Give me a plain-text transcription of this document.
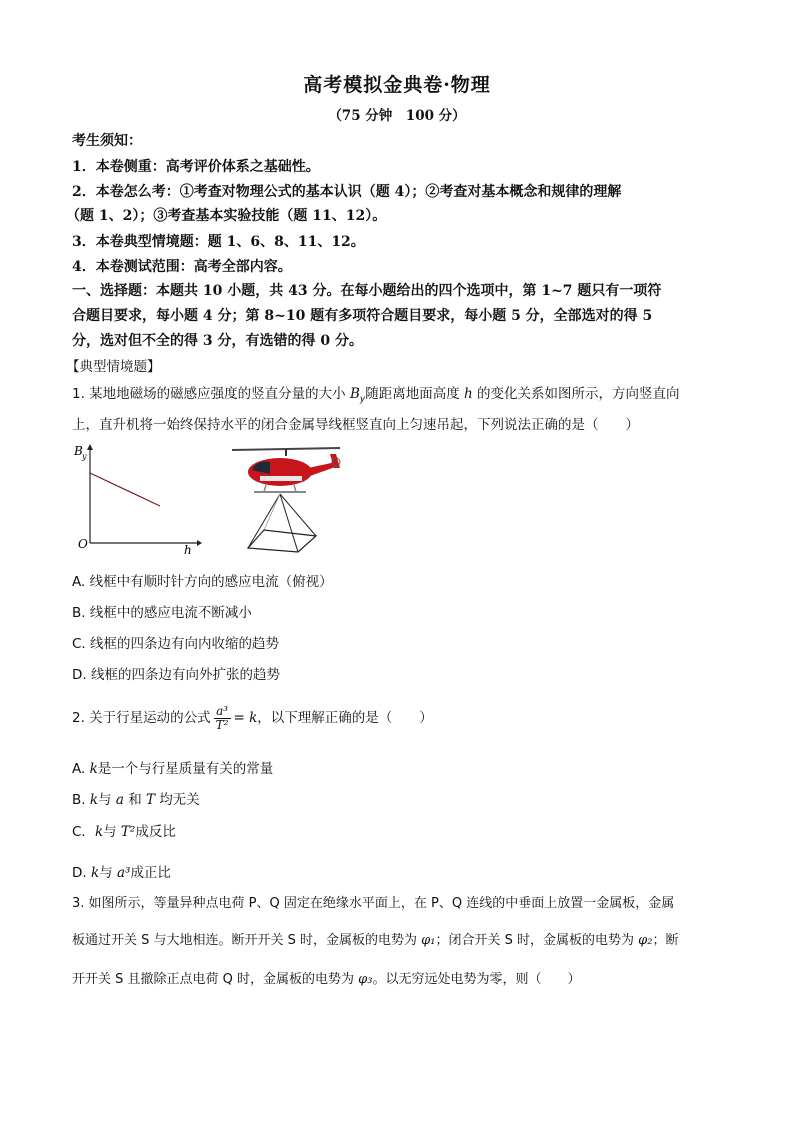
高考模拟金典卷·物理
（75 分钟　100 分）
考生须知：
1．本卷侧重：高考评价体系之基础性。
2．本卷怎么考：①考查对物理公式的基本认识（题 4）；②考查对基本概念和规律的理解
（题 1、2）；③考查基本实验技能（题 11、12）。
3．本卷典型情境题：题 1、6、8、11、12。
4．本卷测试范围：高考全部内容。
一、选择题：本题共 10 小题，共 43 分。在每小题给出的四个选项中，第 1~7 题只有一项符
合题目要求，每小题 4 分；第 8~10 题有多项符合题目要求，每小题 5 分，全部选对的得 5
分，选对但不全的得 3 分，有选错的得 0 分。
【典型情境题】
1. 某地地磁场的磁感应强度的竖直分量的大小 $B_y$随距离地面高度 h 的变化关系如图所示，方向竖直向
上，直升机将一始终保持水平的闭合金属导线框竖直向上匀速吊起，下列说法正确的是（　　）
B y
h
O
A. 线框中有顺时针方向的感应电流（俯视）
B. 线框中的感应电流不断减小
C. 线框的四条边有向内收缩的趋势
D. 线框的四条边有向外扩张的趋势
2. 关于行星运动的公式 $\frac{\text{a³}}{\text{T²}} = k$，以下理解正确的是（　　）
A. k是一个与行星质量有关的常量
B. k与 a 和 T 均无关
C．k与 T²成反比
D. k与 a³成正比
3. 如图所示，等量异种点电荷 P、Q 固定在绝缘水平面上，在 P、Q 连线的中垂面上放置一金属板，金属
板通过开关 S 与大地相连。断开开关 S 时，金属板的电势为 φ₁；闭合开关 S 时，金属板的电势为 φ₂；断
开开关 S 且撤除正点电荷 Q 时，金属板的电势为 φ₃。以无穷远处电势为零，则（　　）
